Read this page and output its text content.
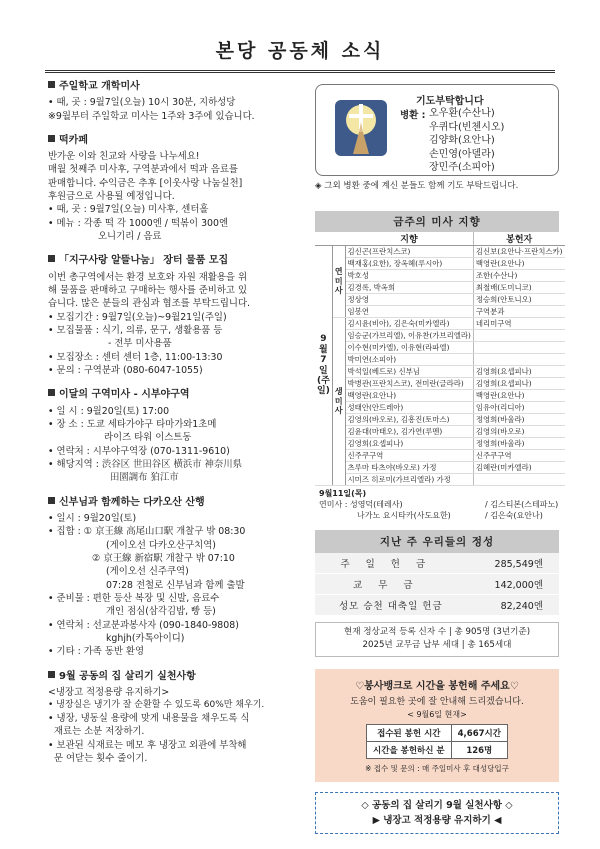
본당 공동체 소식
주일학교 개학미사
• 때, 곳 : 9월7일(오늘) 10시 30분, 지하성당
※9월부터 주일학교 미사는 1주와 3주에 있습니다.
떡카페
반가운 이와 친교와 사랑을 나누세요!
매월 첫째주 미사후, 구역분과에서 떡과 음료를
판매합니다. 수익금은 추후 [이웃사랑 나눔실천]
후원금으로 사용될 예정입니다.
• 때, 곳 : 9월7일(오늘) 미사후, 센터홀
• 메뉴 : 각종 떡 각 1000엔 / 떡볶이 300엔
오니기리 / 음료
「지구사랑 알뜰나눔」 장터 물품 모집
이번 총구역에서는 환경 보호와 자원 재활용을 위
해 물품을 판매하고 구매하는 행사를 준비하고 있
습니다. 많은 분들의 관심과 협조를 부탁드립니다.
• 모집기간 : 9월7일(오늘)~9월21일(주일)
• 모집물품 : 식기, 의류, 문구, 생활용품 등
- 전부 미사용품
• 모집장소 : 센터 센터 1층, 11:00-13:30
• 문의 : 구역분과 (080-6047-1055)
이달의 구역미사 - 시부야구역
• 일 시 : 9월20일(토) 17:00
• 장 소 : 도쿄 세타가야구 타마가와1초메
라이즈 타워 이스트동
• 연락처 : 시부야구역장 (070-1311-9610)
• 해당지역 : 渋谷区 世田谷区 横浜市 神奈川県
田園調布 狛江市
신부님과 함께하는 다카오산 산행
• 일시 : 9월20일(토)
• 집합 : ① 京王線 高尾山口駅 개찰구 밖 08:30
(게이오선 다카오산구치역)
② 京王線 新宿駅 개찰구 밖 07:10
(게이오선 신주쿠역)
07:28 전철로 신부님과 함께 출발
• 준비물 : 편한 등산 복장 및 신발, 음료수
개인 점심(삼각김밥, 빵 등)
• 연락처 : 선교분과봉사자 (090-1840-9808)
kghjh(카톡아이디)
• 기타 : 가족 동반 환영
9월 공동의 집 살리기 실천사항
<냉장고 적정용량 유지하기>
• 냉장실은 냉기가 잘 순환할 수 있도록 60%만 채우기.
• 냉장, 냉동실 용량에 맞게 내용물을 채우도록 식
재료는 소분 저장하기.
• 보관된 식재료는 메모 후 냉장고 외관에 부착해
문 여닫는 횟수 줄이기.
기도부탁합니다
병환 : 오우환(수산나)
우퀴다(빈첸시오)
김양화(요안나)
손민영(아델라)
장민주(소피아)
◈ 그외 병환 중에 계신 분들도 함께 기도 부탁드립니다.
금주의 미사 지향
		지향	봉헌자
9월7일(주일)	연미사	김신곤(프란치스코)	김신보(요안나·프란치스카)
		백재홍(요한), 장옥혜(루시아)	백영란(요안나)
		박호성	조한(수산나)
		김경록, 박옥희	최철배(도미니코)
		정상영	정승희(안토니오)
		임봉연	구역분과
	생미사	김시윤(비아), 김은숙(미카엘라)	네리미구역
		임승군(가브리엘), 이유찬(가브리엘라)	
		이수현(미카엘), 이유현(라파엘)	
		박미연(소피아)	
		박석일(베드로) 신부님	김영희(요셉피나)
		박병관(프란치스코), 전미란(글라라)	김영희(요셉피나)
		백영란(요안나)	백영란(요안나)
		성태안(안드레아)	임유아(리디아)
		김영의(바오로), 김흥진(토마스)	정영희(바울라)
		김윤대(마태오), 김가연(루멘)	김영의(바오로)
		김영희(요셉피나)	정영희(바울라)
		신주쿠구역	신주쿠구역
		츠루마 타츠야(바오로) 가정	김혜란(미카엘라)
		시미즈 히로미(가브리엘라) 가정	
9월11일(목)
연미사 : 성영덕(테레사)	/ 김스티본(스테파노)
나가노 요시타카(사도요한)	/ 김은숙(요안나)
지난 주 우리들의 정성
주일헌금	285,549엔
교무금	142,000엔
성모 승천 대축일 헌금	82,240엔
현재 정상교적 등록 신자 수 | 총 905명 (3년기준)
2025년 교무금 납부 세대 | 총 165세대
♡봉사뱅크로 시간을 봉헌해 주세요♡
도움이 필요한 곳에 잘 안내해 드리겠습니다.
< 9월6일 현재>
접수된 봉헌 시간	4,667시간
시간을 봉헌하신 분	126명
※ 접수 및 문의 : 매 주일미사 후 대성당입구
◇ 공동의 집 살리기 9월 실천사항 ◇
▶ 냉장고 적정용량 유지하기 ◀
